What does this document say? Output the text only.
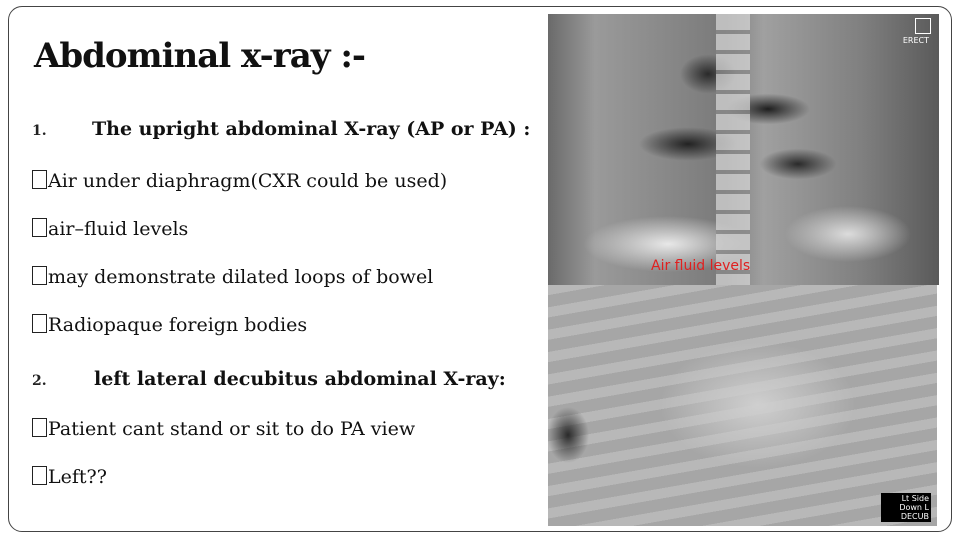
Abdominal x-ray :-
1. The upright abdominal X-ray (AP or PA) :
Air under diaphragm(CXR could be used)
air–fluid levels
may demonstrate dilated loops of bowel
Radiopaque foreign bodies
2. left lateral decubitus abdominal X-ray:
Patient cant stand or sit to do PA view
Left??
ERECT
Air fluid levels
Lt Side Down L DECUB
